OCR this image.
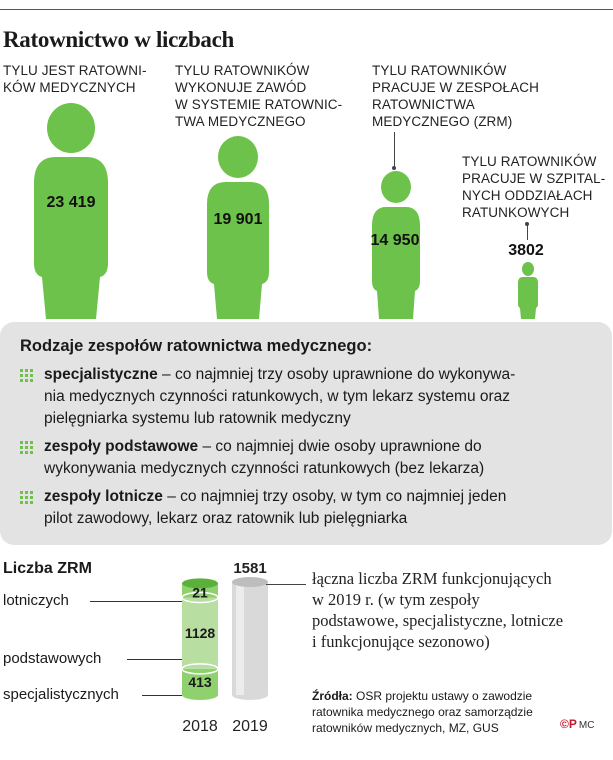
Ratownictwo w liczbach
TYLU JEST RATOWNI-
KÓW MEDYCZNYCH
23 419
TYLU RATOWNIKÓW
WYKONUJE ZAWÓD
W SYSTEMIE RATOWNIC-
TWA MEDYCZNEGO
19 901
TYLU RATOWNIKÓW
PRACUJE W ZESPOŁACH
RATOWNICTWA
MEDYCZNEGO (ZRM)
14 950
TYLU RATOWNIKÓW
PRACUJE W SZPITAL-
NYCH ODDZIAŁACH
RATUNKOWYCH
3802
Rodzaje zespołów ratownictwa medycznego:
specjalistyczne – co najmniej trzy osoby uprawnione do wykonywa-
nia medycznych czynności ratunkowych, w tym lekarz systemu oraz
pielęgniarka systemu lub ratownik medyczny
zespoły podstawowe – co najmniej dwie osoby uprawnione do
wykonywania medycznych czynności ratunkowych (bez lekarza)
zespoły lotnicze – co najmniej trzy osoby, w tym co najmniej jeden
pilot zawodowy, lekarz oraz ratownik lub pielęgniarka
Liczba ZRM
lotniczych
podstawowych
specjalistycznych
413
1128
21
1581
2018 2019
łączna liczba ZRM funkcjonujących
w 2019 r. (w tym zespoły
podstawowe, specjalistyczne, lotnicze
i funkcjonujące sezonowo)
Źródła: OSR projektu ustawy o zawodzie
ratownika medycznego oraz samorządzie
ratowników medycznych, MZ, GUS	©P MC
